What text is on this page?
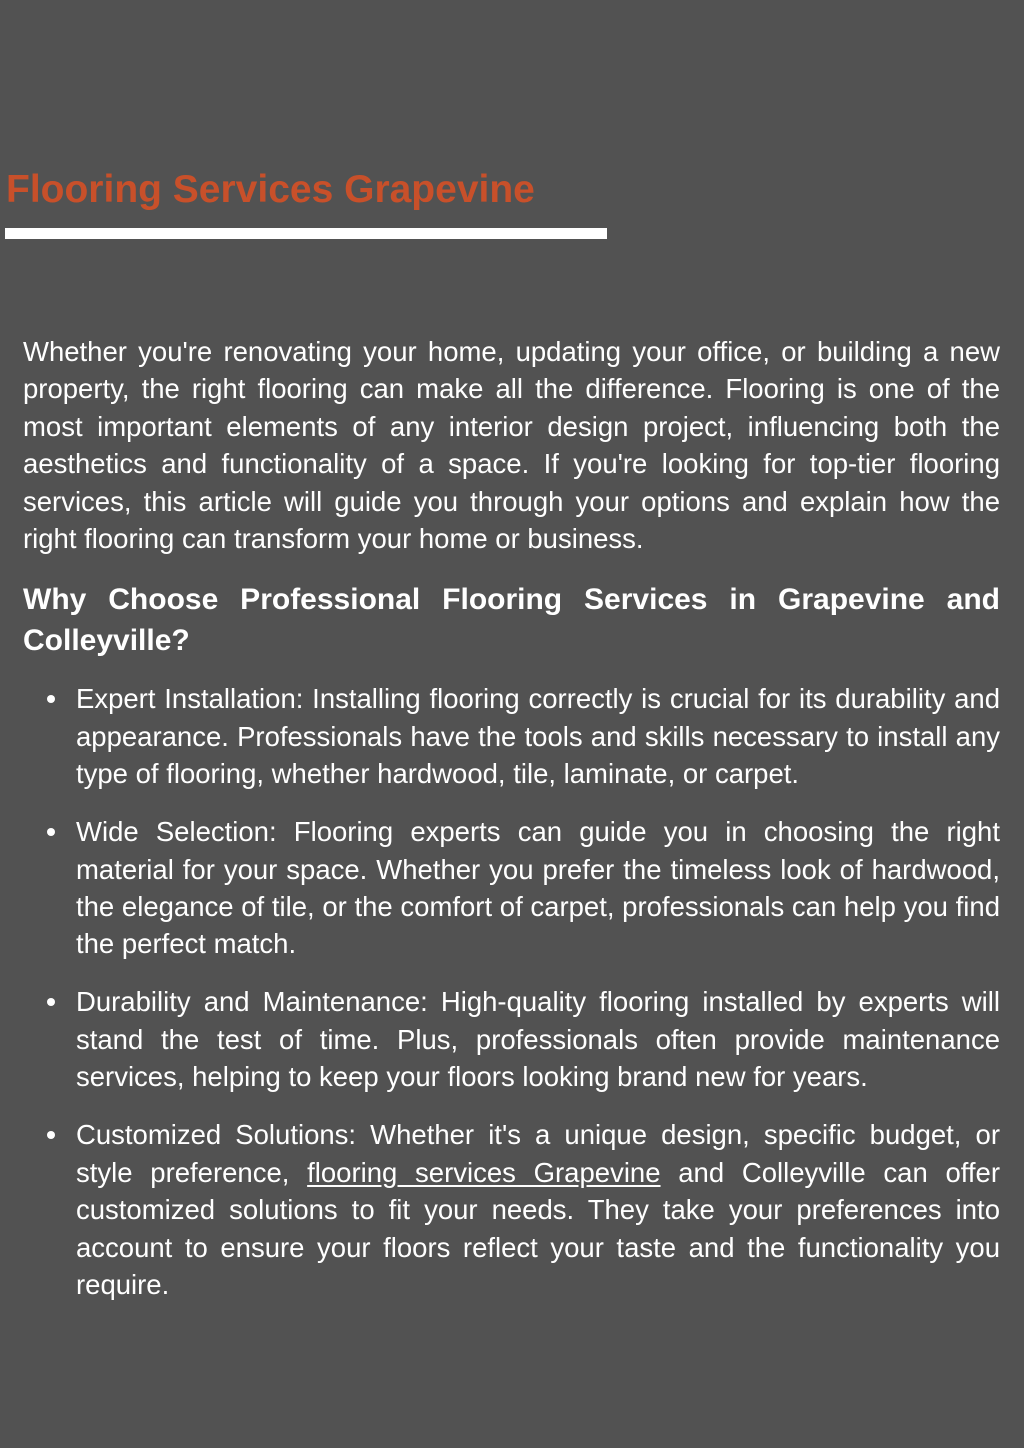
Flooring Services Grapevine

Whether you're renovating your home, updating your office, or building a new property, the right flooring can make all the difference. Flooring is one of the most important elements of any interior design project, influencing both the aesthetics and functionality of a space. If you're looking for top-tier flooring services, this article will guide you through your options and explain how the right flooring can transform your home or business.

Why Choose Professional Flooring Services in Grapevine and Colleyville?
Expert Installation: Installing flooring correctly is crucial for its durability and appearance. Professionals have the tools and skills necessary to install any type of flooring, whether hardwood, tile, laminate, or carpet.
Wide Selection: Flooring experts can guide you in choosing the right material for your space. Whether you prefer the timeless look of hardwood, the elegance of tile, or the comfort of carpet, professionals can help you find the perfect match.
Durability and Maintenance: High-quality flooring installed by experts will stand the test of time. Plus, professionals often provide maintenance services, helping to keep your floors looking brand new for years.
Customized Solutions: Whether it's a unique design, specific budget, or style preference, flooring services Grapevine and Colleyville can offer customized solutions to fit your needs. They take your preferences into account to ensure your floors reflect your taste and the functionality you require.
